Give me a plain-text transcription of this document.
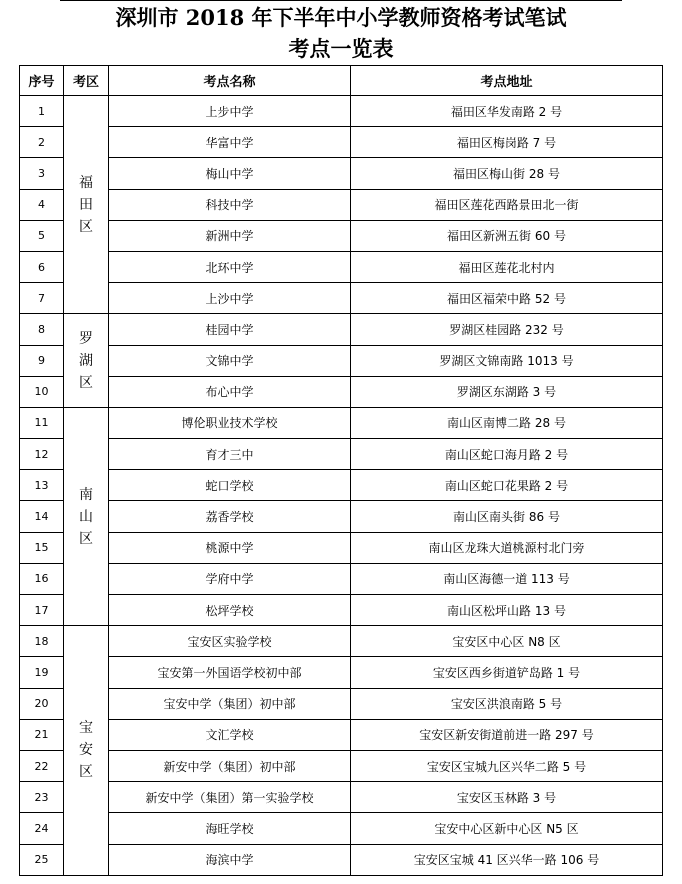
深圳市 2018 年下半年中小学教师资格考试笔试
考点一览表
序号	考区	考点名称	考点地址
1	福
田
区	上步中学	福田区华发南路 2 号
2		华富中学	福田区梅岗路 7 号
3		梅山中学	福田区梅山街 28 号
4		科技中学	福田区莲花西路景田北一街
5		新洲中学	福田区新洲五街 60 号
6		北环中学	福田区莲花北村内
7		上沙中学	福田区福荣中路 52 号
8	罗
湖
区	桂园中学	罗湖区桂园路 232 号
9		文锦中学	罗湖区文锦南路 1013 号
10		布心中学	罗湖区东湖路 3 号
11	南
山
区	博伦职业技术学校	南山区南博二路 28 号
12		育才三中	南山区蛇口海月路 2 号
13		蛇口学校	南山区蛇口花果路 2 号
14		荔香学校	南山区南头街 86 号
15		桃源中学	南山区龙珠大道桃源村北门旁
16		学府中学	南山区海德一道 113 号
17		松坪学校	南山区松坪山路 13 号
18	宝
安
区	宝安区实验学校	宝安区中心区 N8 区
19		宝安第一外国语学校初中部	宝安区西乡街道铲岛路 1 号
20		宝安中学（集团）初中部	宝安区洪浪南路 5 号
21		文汇学校	宝安区新安街道前进一路 297 号
22		新安中学（集团）初中部	宝安区宝城九区兴华二路 5 号
23		新安中学（集团）第一实验学校	宝安区玉林路 3 号
24		海旺学校	宝安中心区新中心区 N5 区
25		海滨中学	宝安区宝城 41 区兴华一路 106 号
